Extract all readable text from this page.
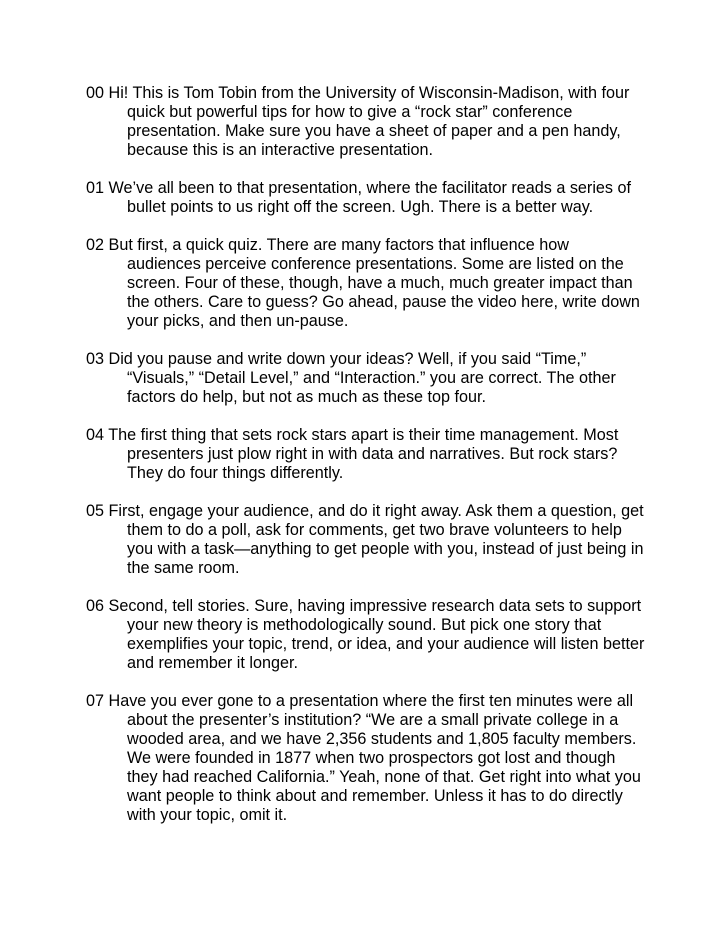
00 Hi! This is Tom Tobin from the University of Wisconsin-Madison, with four quick but powerful tips for how to give a “rock star” conference presentation. Make sure you have a sheet of paper and a pen handy, because this is an interactive presentation.

01 We’ve all been to that presentation, where the facilitator reads a series of bullet points to us right off the screen. Ugh. There is a better way.

02 But first, a quick quiz. There are many factors that influence how audiences perceive conference presentations. Some are listed on the screen. Four of these, though, have a much, much greater impact than the others. Care to guess? Go ahead, pause the video here, write down your picks, and then un-pause.

03 Did you pause and write down your ideas? Well, if you said “Time,” “Visuals,” “Detail Level,” and “Interaction.” you are correct. The other factors do help, but not as much as these top four.

04 The first thing that sets rock stars apart is their time management. Most presenters just plow right in with data and narratives. But rock stars? They do four things differently.

05 First, engage your audience, and do it right away. Ask them a question, get them to do a poll, ask for comments, get two brave volunteers to help you with a task—anything to get people with you, instead of just being in the same room.

06 Second, tell stories. Sure, having impressive research data sets to support your new theory is methodologically sound. But pick one story that exemplifies your topic, trend, or idea, and your audience will listen better and remember it longer.

07 Have you ever gone to a presentation where the first ten minutes were all about the presenter’s institution? “We are a small private college in a wooded area, and we have 2,356 students and 1,805 faculty members. We were founded in 1877 when two prospectors got lost and though they had reached California.” Yeah, none of that. Get right into what you want people to think about and remember. Unless it has to do directly with your topic, omit it.
